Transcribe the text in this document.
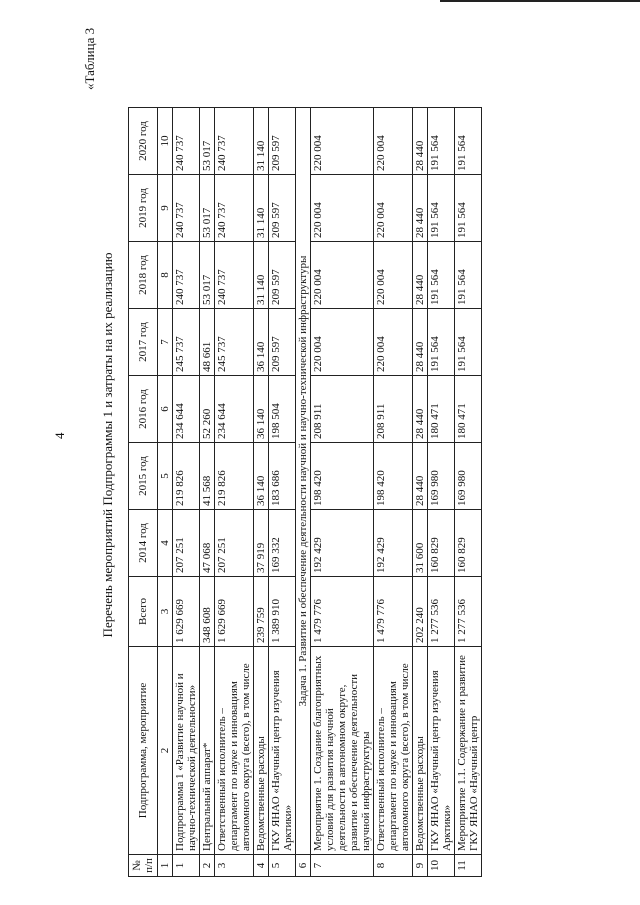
4
«Таблица 3
Перечень мероприятий Подпрограммы 1 и затраты на их реализацию
№ п/п	Подпрограмма, мероприятие	Всего	2014 год	2015 год	2016 год	2017 год	2018 год	2019 год	2020 год
1	2	3	4	5	6	7	8	9	10
1	Подпрограмма 1 «Развитие научной и научно-технической деятельности»	1 629 669	207 251	219 826	234 644	245 737	240 737	240 737	240 737
2	Центральный аппарат*	348 608	47 068	41 568	52 260	48 661	53 017	53 017	53 017
3	Ответственный исполнитель – департамент по науке и инновациям автономного округа (всего), в том числе	1 629 669	207 251	219 826	234 644	245 737	240 737	240 737	240 737
4	Ведомственные расходы	239 759	37 919	36 140	36 140	36 140	31 140	31 140	31 140
5	ГКУ ЯНАО «Научный центр изучения Арктики»	1 389 910	169 332	183 686	198 504	209 597	209 597	209 597	209 597
6	Задача 1. Развитие и обеспечение деятельности научной и научно-технической инфраструктуры								
7	Мероприятие 1. Создание благоприятных условий для развития научной деятельности в автономном округе, развитие и обеспечение деятельности научной инфраструктуры	1 479 776	192 429	198 420	208 911	220 004	220 004	220 004	220 004
8	Ответственный исполнитель – департамент по науке и инновациям автономного округа (всего), в том числе	1 479 776	192 429	198 420	208 911	220 004	220 004	220 004	220 004
9	Ведомственные расходы	202 240	31 600	28 440	28 440	28 440	28 440	28 440	28 440
10	ГКУ ЯНАО «Научный центр изучения Арктики»	1 277 536	160 829	169 980	180 471	191 564	191 564	191 564	191 564
11	Мероприятие 1.1. Содержание и развитие ГКУ ЯНАО «Научный центр	1 277 536	160 829	169 980	180 471	191 564	191 564	191 564	191 564
